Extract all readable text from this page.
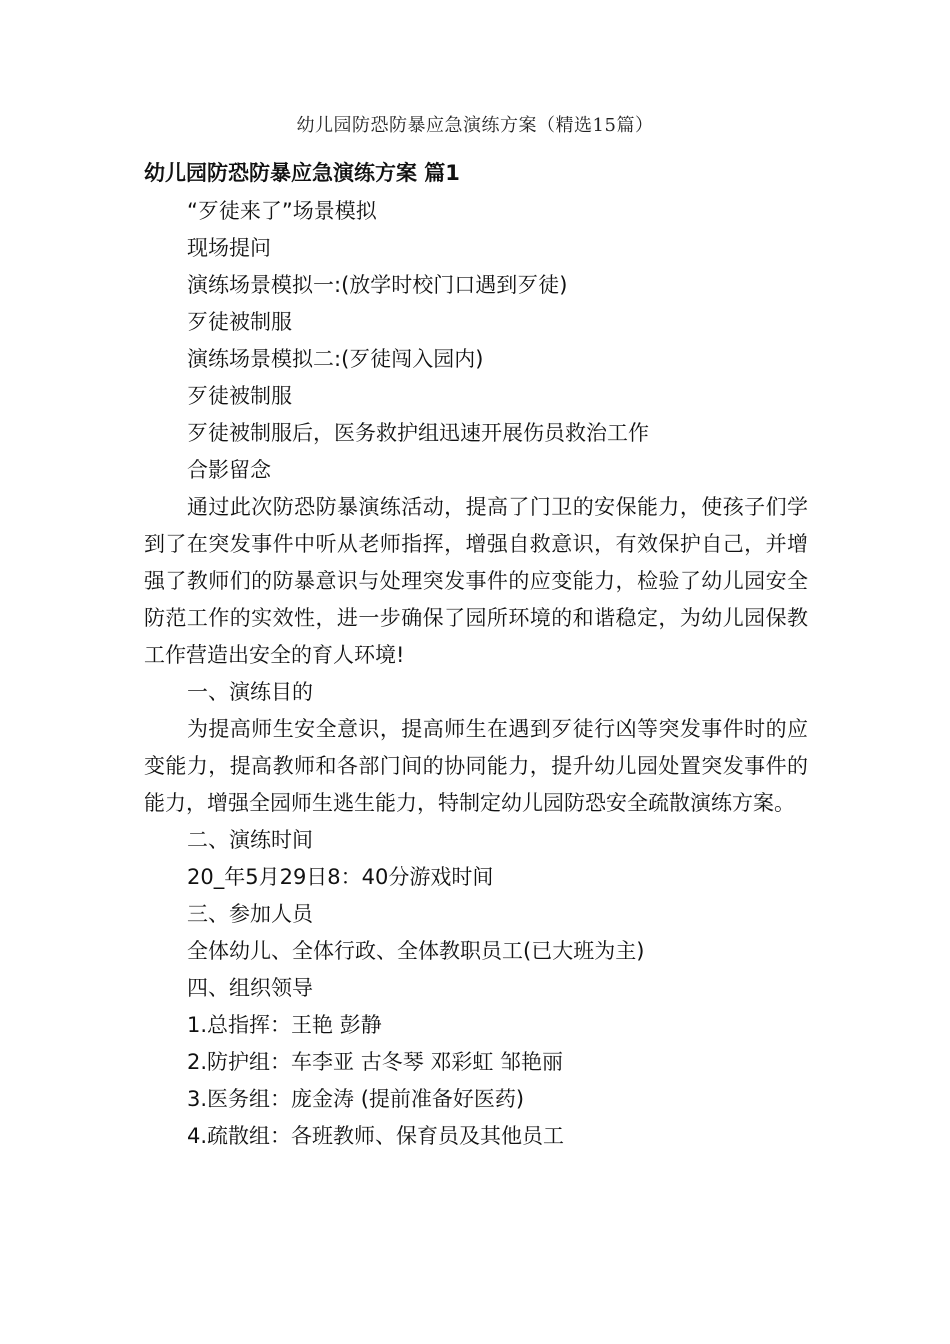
幼儿园防恐防暴应急演练方案（精选15篇）
幼儿园防恐防暴应急演练方案 篇1

“歹徒来了”场景模拟

现场提问

演练场景模拟一:(放学时校门口遇到歹徒)

歹徒被制服

演练场景模拟二:(歹徒闯入园内)

歹徒被制服

歹徒被制服后，医务救护组迅速开展伤员救治工作

合影留念

通过此次防恐防暴演练活动，提高了门卫的安保能力，使孩子们学到了在突发事件中听从老师指挥，增强自救意识，有效保护自己，并增强了教师们的防暴意识与处理突发事件的应变能力，检验了幼儿园安全防范工作的实效性，进一步确保了园所环境的和谐稳定，为幼儿园保教工作营造出安全的育人环境!

一、演练目的

为提高师生安全意识，提高师生在遇到歹徒行凶等突发事件时的应变能力，提高教师和各部门间的协同能力，提升幼儿园处置突发事件的能力，增强全园师生逃生能力，特制定幼儿园防恐安全疏散演练方案。

二、演练时间

20_年5月29日8：40分游戏时间

三、参加人员

全体幼儿、全体行政、全体教职员工(已大班为主)

四、组织领导

1.总指挥：王艳 彭静

2.防护组：车李亚 古冬琴 邓彩虹 邹艳丽

3.医务组：庞金涛 (提前准备好医药)

4.疏散组：各班教师、保育员及其他员工
